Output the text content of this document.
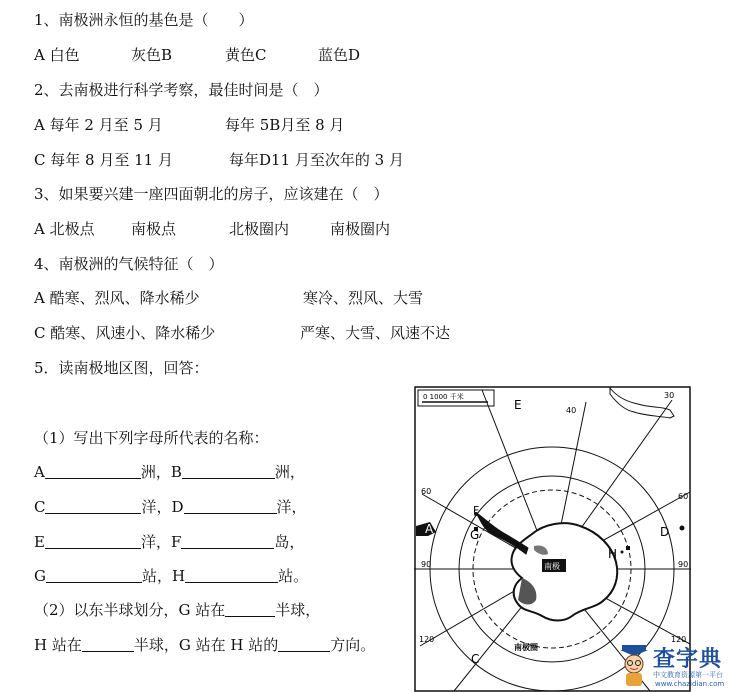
1、南极洲永恒的基色是（　　）
A 白色	灰色B	黄色C	蓝色D
2、去南极进行科学考察，最佳时间是（　）
A 每年 2 月至 5 月	每年 5B月至 8 月
C 每年 8 月至 11 月	每年D11 月至次年的 3 月
3、如果要兴建一座四面朝北的房子，应该建在（　）
A 北极点 南极点	北极圈内	南极圈内
4、南极洲的气候特征（　）
A 酷寒、烈风、降水稀少	寒冷、烈风、大雪
C 酷寒、风速小、降水稀少	严寒、大雪、风速不达
5．读南极地区图，回答：
（1）写出下列字母所代表的名称：
A	洲，B	洲，
C	洋，D	洋，
E	洋，F	岛，
G	站，H	站。
（2）以东半球划分，G 站在	半球，
H 站在	半球，G 站在 H 站的	方向。
0 1000 千米
E
F
G
H
D
A
C
40
30
60
60
90	90
120	120
南极
南极圈	查字典
中文教育资源第一平台
www.chazidian.com
